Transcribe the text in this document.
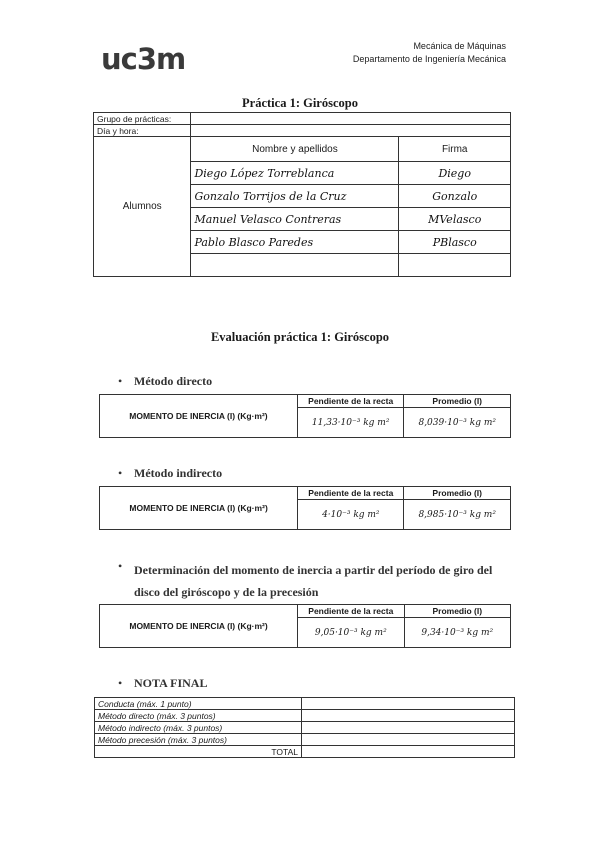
uc3m	Mecánica de Máquinas
Departamento de Ingeniería Mecánica
Práctica 1: Giróscopo
Grupo de prácticas:		
Día y hora:		
Alumnos	Nombre y apellidos	Firma
	Diego López Torreblanca	Diego
	Gonzalo Torrijos de la Cruz	Gonzalo
	Manuel Velasco Contreras	MVelasco
	Pablo Blasco Paredes	PBlasco

Evaluación práctica 1: Giróscopo
• Método directo
MOMENTO DE INERCIA (I) (Kg·m²)	Pendiente de la recta	Promedio (I)
	11,33·10⁻³ kg m²	8,039·10⁻³ kg m²
• Método indirecto
MOMENTO DE INERCIA (I) (Kg·m²)	Pendiente de la recta	Promedio (I)
	4·10⁻³ kg m²	8,985·10⁻³ kg m²
• Determinación del momento de inercia a partir del período de giro del disco del giróscopo y de la precesión
MOMENTO DE INERCIA (I) (Kg·m²)	Pendiente de la recta	Promedio (I)
	9,05·10⁻³ kg m²	9,34·10⁻³ kg m²
• NOTA FINAL
Conducta (máx. 1 punto)	
Método directo (máx. 3 puntos)	
Método indirecto (máx. 3 puntos)	
Método precesión (máx. 3 puntos)	
TOTAL	
